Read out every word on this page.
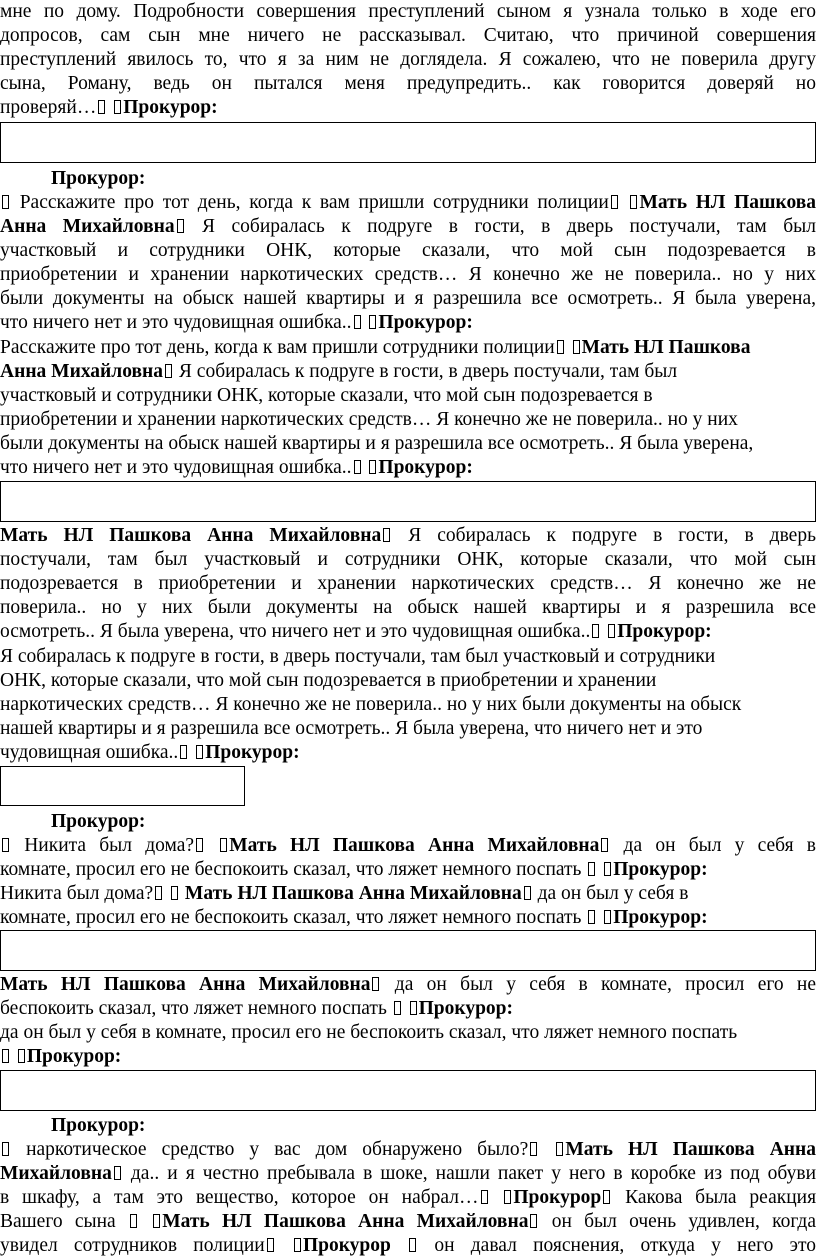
мне по дому. Подробности совершения преступлений сыном я узнала только в ходе его
допросов, сам сын мне ничего не рассказывал. Считаю, что причиной совершения
преступлений явилось то, что я за ним не доглядела. Я сожалею, что не поверила другу
сына, Роману, ведь он пытался меня предупредить.. как говорится доверяй но
проверяй… Прокурор:
Прокурор:
Расскажите про тот день, когда к вам пришли сотрудники полиции Мать НЛ Пашкова
Анна Михайловна Я собиралась к подруге в гости, в дверь постучали, там был
участковый и сотрудники ОНК, которые сказали, что мой сын подозревается в
приобретении и хранении наркотических средств… Я конечно же не поверила.. но у них
были документы на обыск нашей квартиры и я разрешила все осмотреть.. Я была уверена,
что ничего нет и это чудовищная ошибка.. Прокурор:
Расскажите про тот день, когда к вам пришли сотрудники полиции Мать НЛ Пашкова
Анна Михайловна Я собиралась к подруге в гости, в дверь постучали, там был
участковый и сотрудники ОНК, которые сказали, что мой сын подозревается в
приобретении и хранении наркотических средств… Я конечно же не поверила.. но у них
были документы на обыск нашей квартиры и я разрешила все осмотреть.. Я была уверена,
что ничего нет и это чудовищная ошибка.. Прокурор:
Мать НЛ Пашкова Анна Михайловна Я собиралась к подруге в гости, в дверь
постучали, там был участковый и сотрудники ОНК, которые сказали, что мой сын
подозревается в приобретении и хранении наркотических средств… Я конечно же не
поверила.. но у них были документы на обыск нашей квартиры и я разрешила все
осмотреть.. Я была уверена, что ничего нет и это чудовищная ошибка.. Прокурор:
Я собиралась к подруге в гости, в дверь постучали, там был участковый и сотрудники
ОНК, которые сказали, что мой сын подозревается в приобретении и хранении
наркотических средств… Я конечно же не поверила.. но у них были документы на обыск
нашей квартиры и я разрешила все осмотреть.. Я была уверена, что ничего нет и это
чудовищная ошибка.. Прокурор:
Прокурор:
Никита был дома? Мать НЛ Пашкова Анна Михайловна да он был у себя в
комнате, просил его не беспокоить сказал, что ляжет немного поспать Прокурор:
Никита был дома? Мать НЛ Пашкова Анна Михайловна да он был у себя в
комнате, просил его не беспокоить сказал, что ляжет немного поспать Прокурор:
Мать НЛ Пашкова Анна Михайловна да он был у себя в комнате, просил его не
беспокоить сказал, что ляжет немного поспать Прокурор:
да он был у себя в комнате, просил его не беспокоить сказал, что ляжет немного поспать
Прокурор:
Прокурор:
наркотическое средство у вас дом обнаружено было? Мать НЛ Пашкова Анна
Михайловна да.. и я честно пребывала в шоке, нашли пакет у него в коробке из под обуви
в шкафу, а там это вещество, которое он набрал… Прокурор Какова была реакция
Вашего сына Мать НЛ Пашкова Анна Михайловна он был очень удивлен, когда
увидел сотрудников полиции Прокурор он давал пояснения, откуда у него это
